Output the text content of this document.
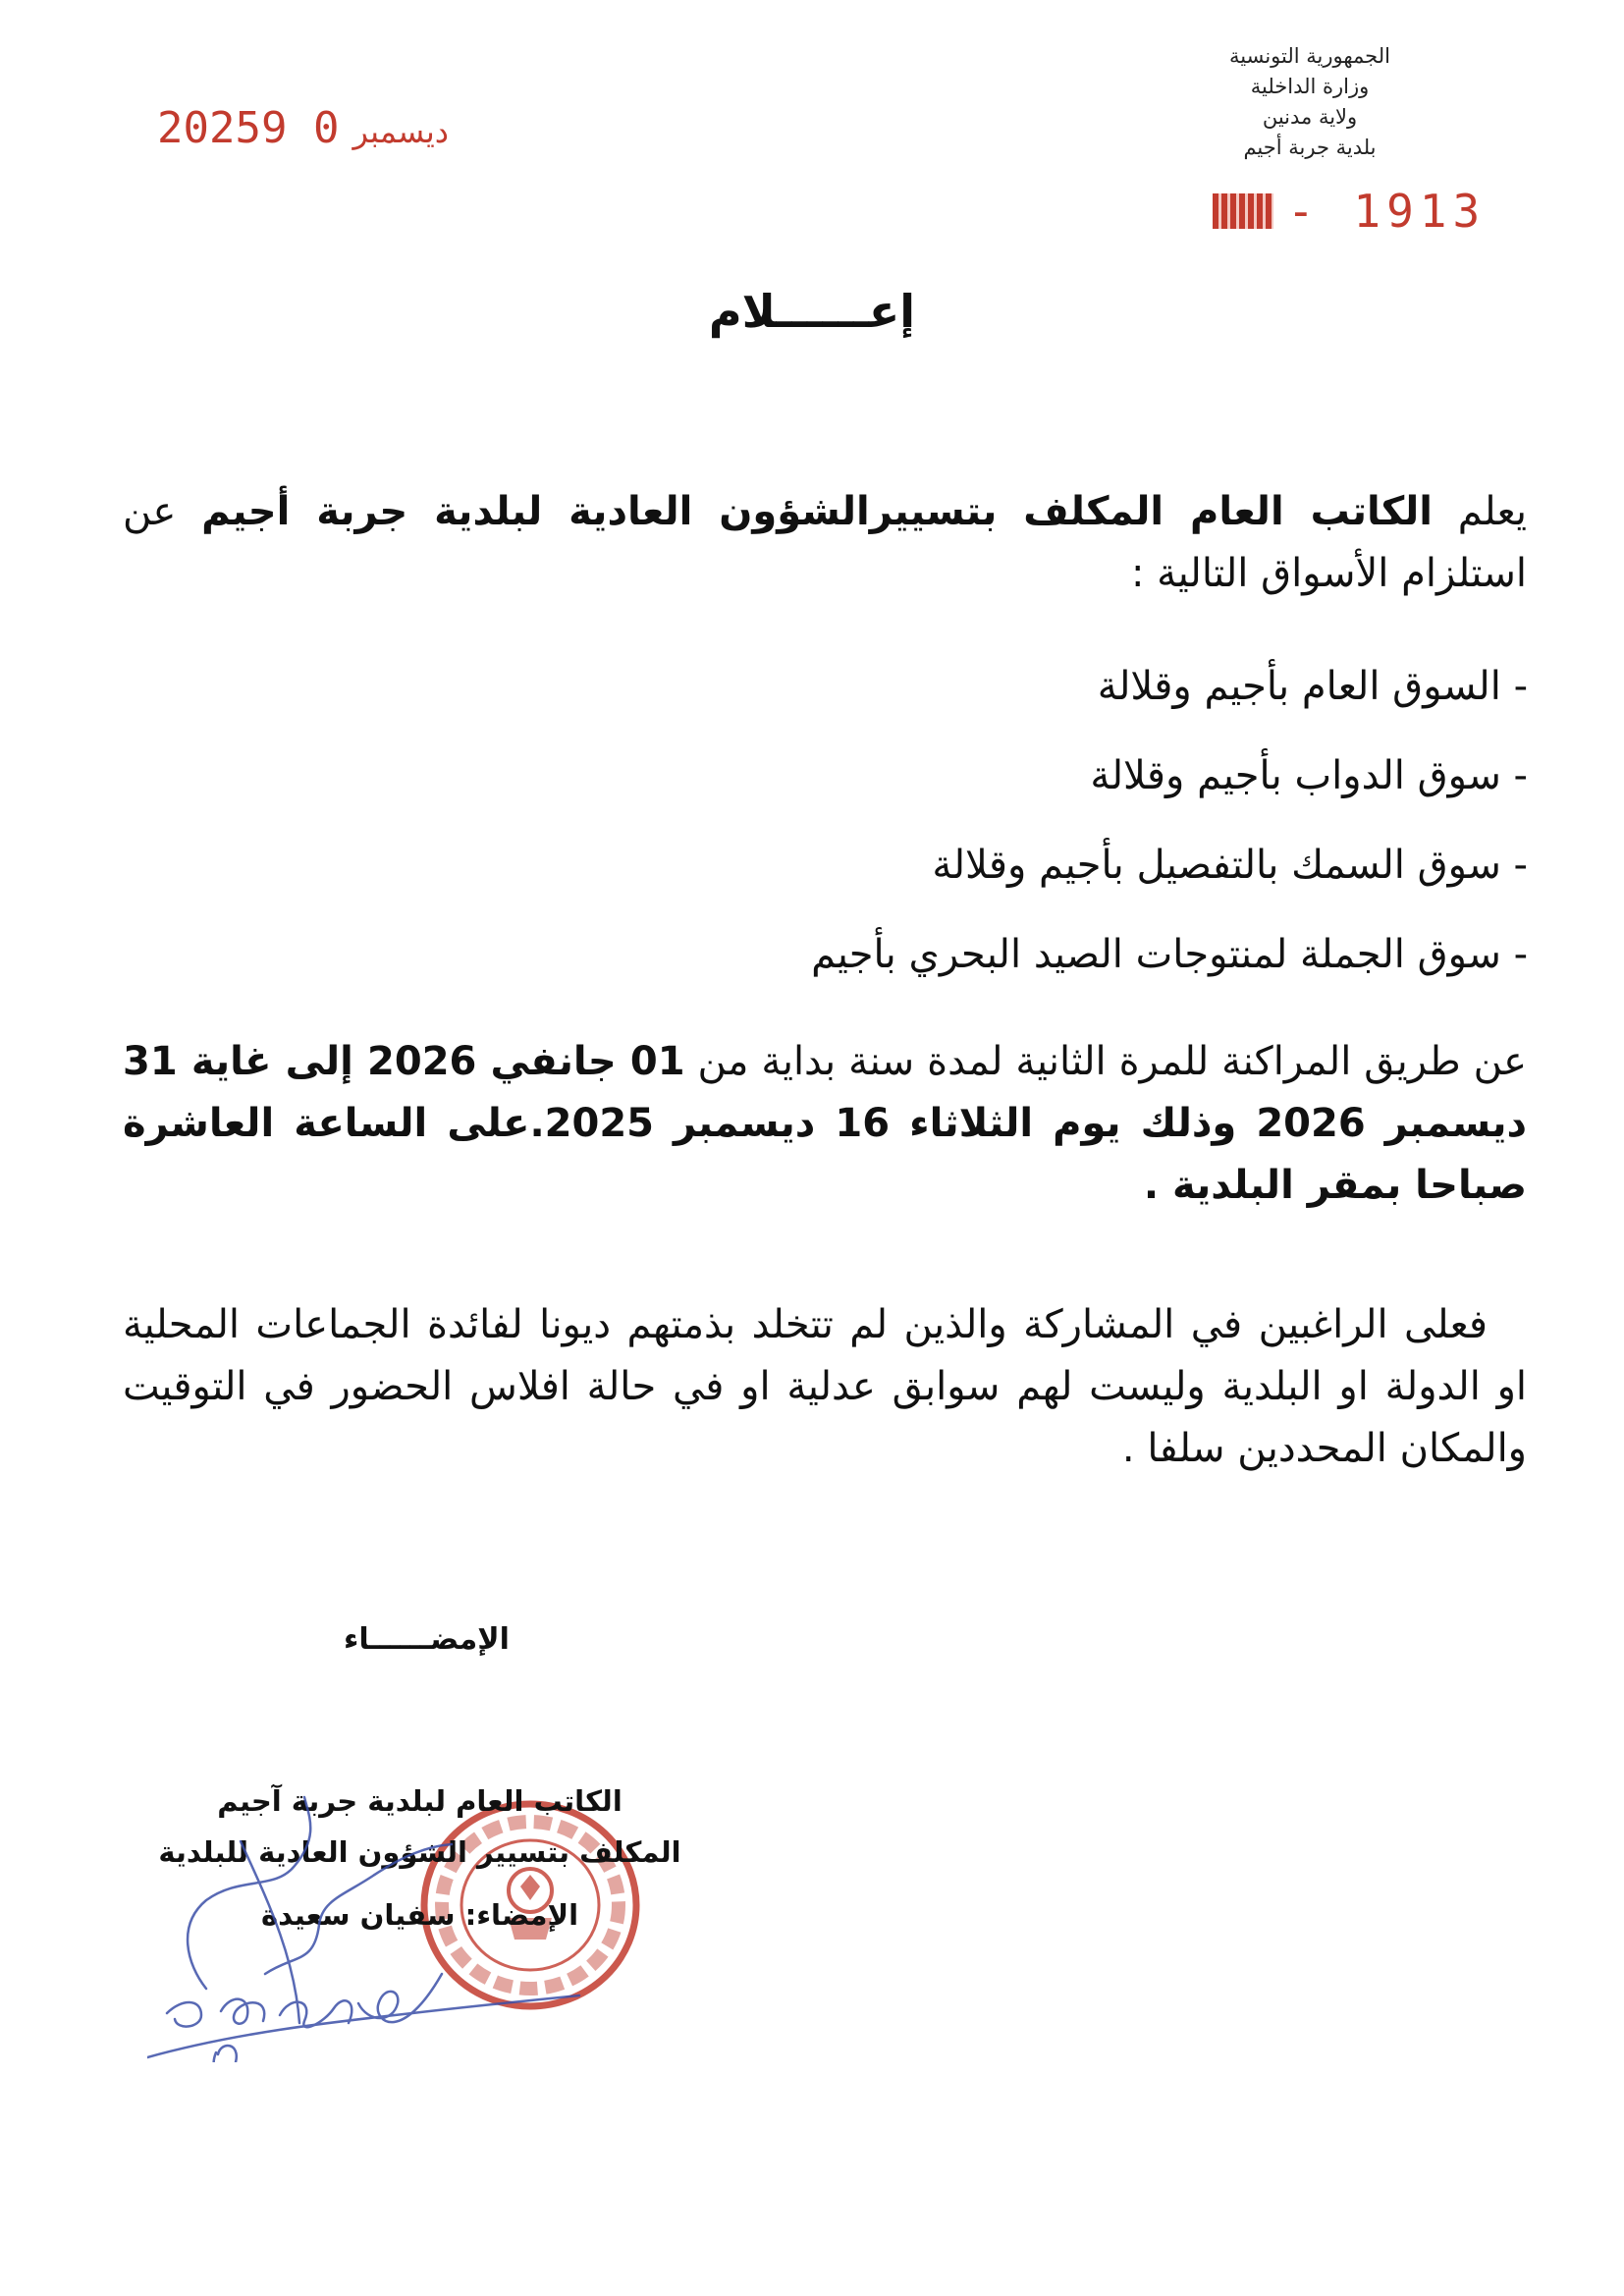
الجمهورية التونسية
وزارة الداخلية
ولاية مدنين
بلدية جربة أجيم
2025	ديسمبر0 9
- 1913
إعــــــلام
يعلم الكاتب العام المكلف بتسييرالشؤون العادية لبلدية جربة أجيم عن استلزام الأسواق التالية :
- السوق العام بأجيم وقلالة
- سوق الدواب بأجيم وقلالة
- سوق السمك بالتفصيل بأجيم وقلالة
- سوق الجملة لمنتوجات الصيد البحري بأجيم
عن طريق المراكنة للمرة الثانية لمدة سنة بداية من 01 جانفي 2026 إلى غاية 31 ديسمبر 2026 وذلك يوم الثلاثاء 16 ديسمبر 2025.على الساعة العاشرة صباحا بمقر البلدية .
فعلى الراغبين في المشاركة والذين لم تتخلد بذمتهم ديونا لفائدة الجماعات المحلية او الدولة او البلدية وليست لهم سوابق عدلية او في حالة افلاس الحضور في التوقيت والمكان المحددين سلفا .
الإمضــــــاء
الكاتب العام لبلدية جربة آجيم
المكلف بتسيير الشؤون العادية للبلدية
الإمضاء: سفيان سعيدة
